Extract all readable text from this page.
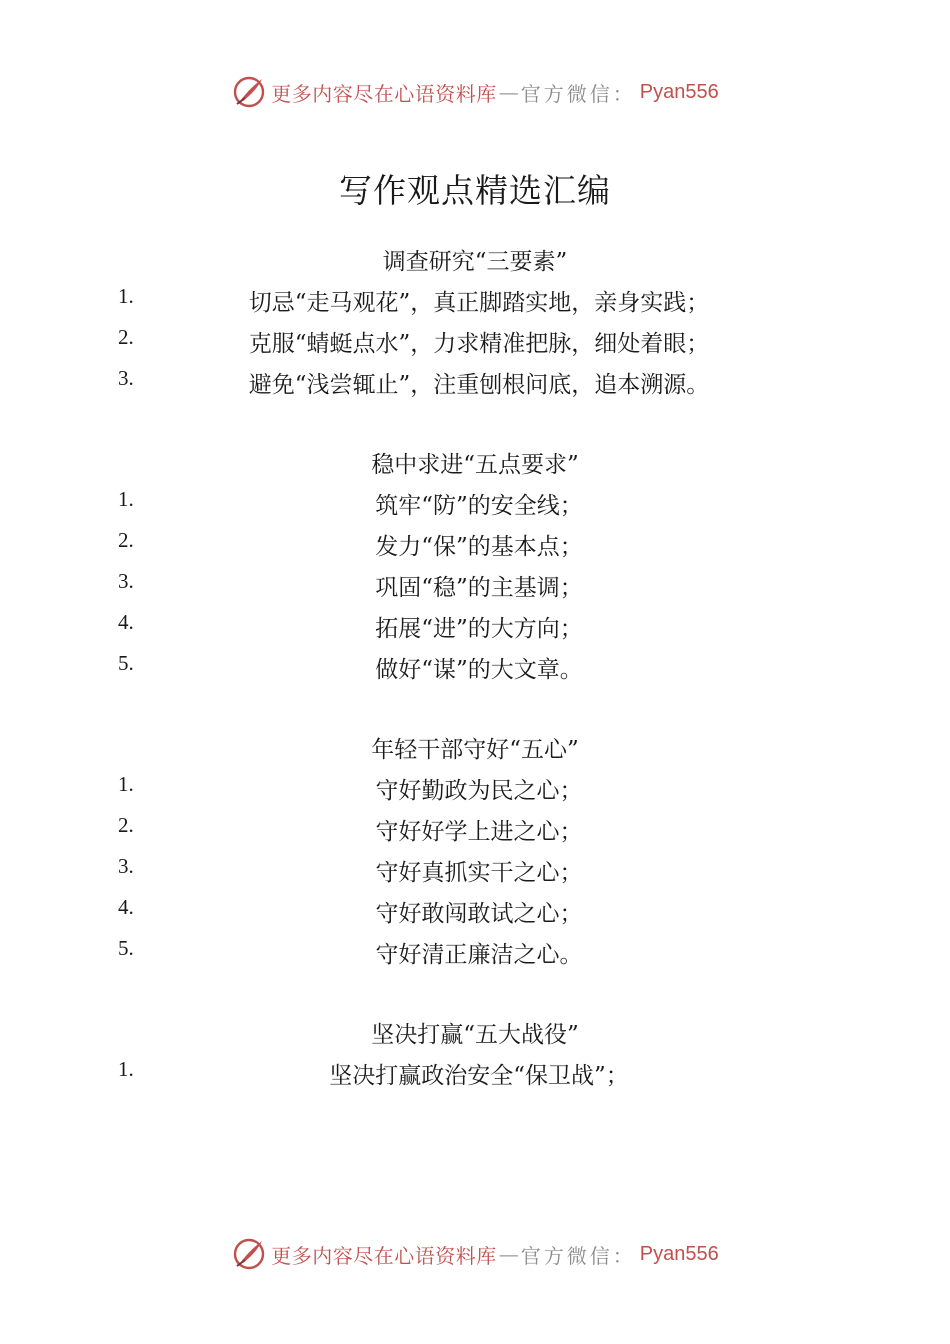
更多内容尽在心语资料库 — 官方微信： Pyan556
写作观点精选汇编
调查研究“三要素”
1.	切忌“走马观花”，真正脚踏实地，亲身实践；
2.	克服“蜻蜓点水”，力求精准把脉，细处着眼；
3.	避免“浅尝辄止”，注重刨根问底，追本溯源。
稳中求进“五点要求”
1.	筑牢“防”的安全线；
2.	发力“保”的基本点；
3.	巩固“稳”的主基调；
4.	拓展“进”的大方向；
5.	做好“谋”的大文章。
年轻干部守好“五心”
1.	守好勤政为民之心；
2.	守好好学上进之心；
3.	守好真抓实干之心；
4.	守好敢闯敢试之心；
5.	守好清正廉洁之心。
坚决打赢“五大战役”
1.	坚决打赢政治安全“保卫战”；
更多内容尽在心语资料库 — 官方微信： Pyan556
